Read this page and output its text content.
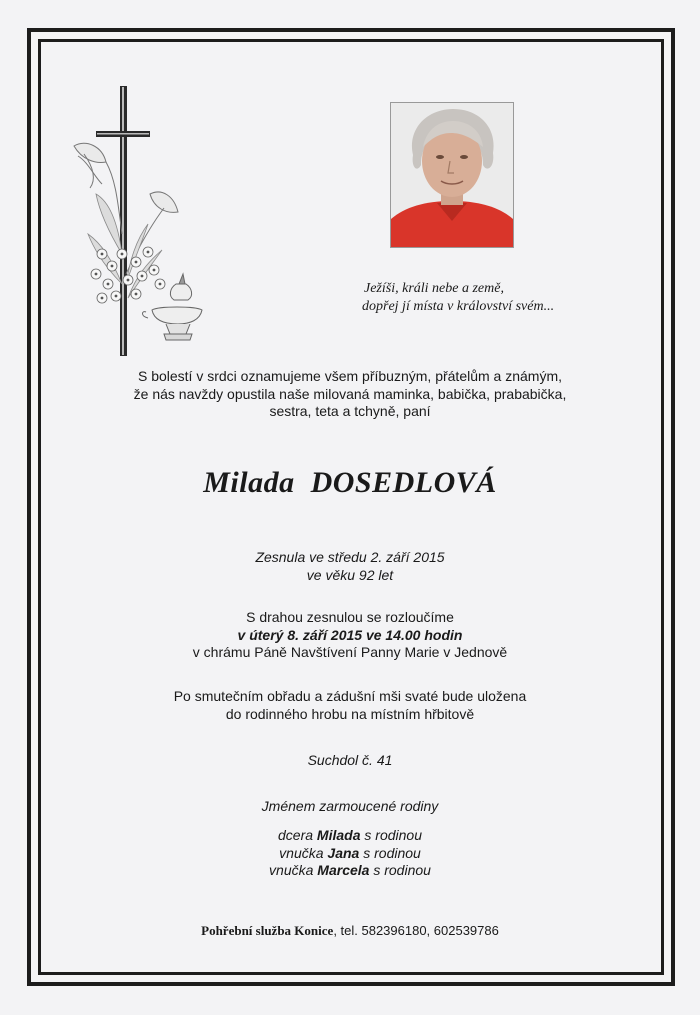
Ježíši, králi nebe a země,
dopřej jí místa v království svém...
S bolestí v srdci oznamujeme všem příbuzným, přátelům a známým,
že nás navždy opustila naše milovaná maminka, babička, prababička,
sestra, teta a tchyně, paní
Milada DOSEDLOVÁ
Zesnula ve středu 2. září 2015
ve věku 92 let
S drahou zesnulou se rozloučíme
v úterý 8. září 2015 ve 14.00 hodin
v chrámu Páně Navštívení Panny Marie v Jednově
Po smutečním obřadu a zádušní mši svaté bude uložena
do rodinného hrobu na místním hřbitově
Suchdol č. 41
Jménem zarmoucené rodiny
dcera Milada s rodinou
vnučka Jana s rodinou
vnučka Marcela s rodinou
Pohřební služba Konice, tel. 582396180, 602539786
